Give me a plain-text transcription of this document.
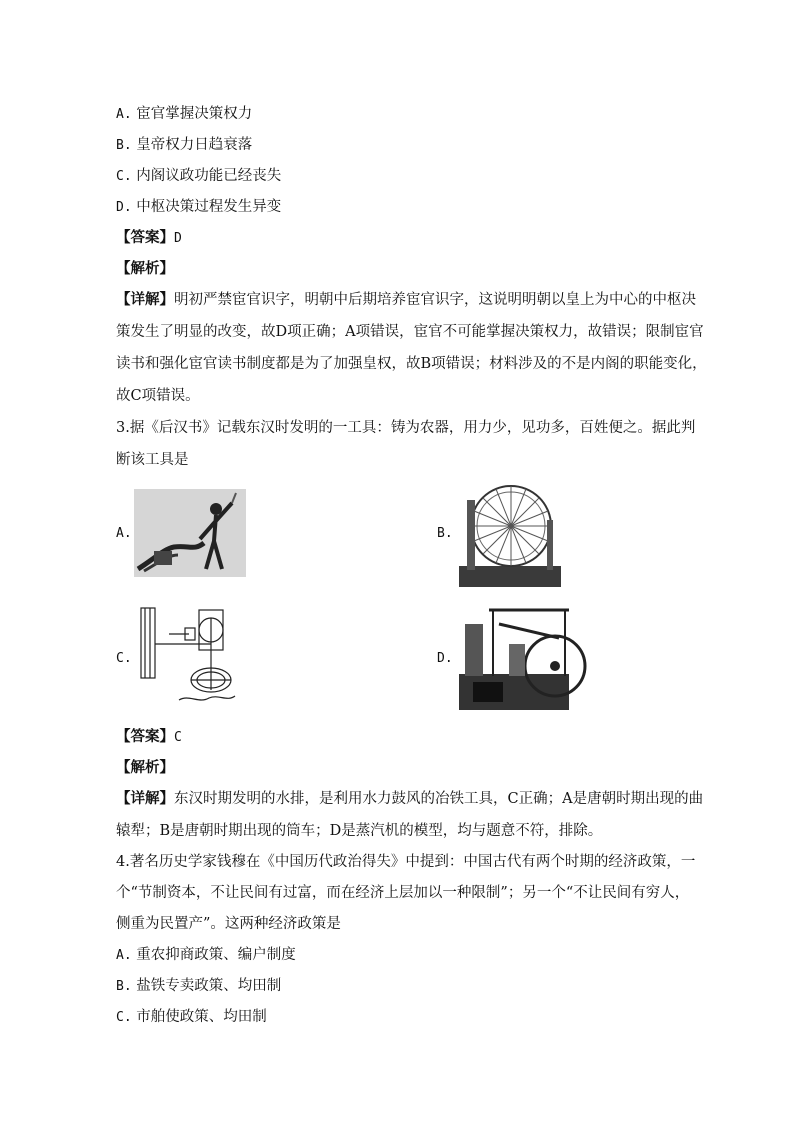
A. 宦官掌握决策权力
B. 皇帝权力日趋衰落
C. 内阁议政功能已经丧失
D. 中枢决策过程发生异变
【答案】D
【解析】
【详解】明初严禁宦官识字，明朝中后期培养宦官识字，这说明明朝以皇上为中心的中枢决
策发生了明显的改变，故D项正确；A项错误，宦官不可能掌握决策权力，故错误；限制宦官
读书和强化宦官读书制度都是为了加强皇权，故B项错误；材料涉及的不是内阁的职能变化，
故C项错误。
3.据《后汉书》记载东汉时发明的一工具：铸为农器，用力少，见功多，百姓便之。据此判
断该工具是
A.	B.
C.	D.
【答案】C
【解析】
【详解】东汉时期发明的水排，是利用水力鼓风的冶铁工具，C正确；A是唐朝时期出现的曲
辕犁；B是唐朝时期出现的筒车；D是蒸汽机的模型，均与题意不符，排除。
4.著名历史学家钱穆在《中国历代政治得失》中提到：中国古代有两个时期的经济政策，一
个“节制资本，不让民间有过富，而在经济上层加以一种限制”；另一个“不让民间有穷人，
侧重为民置产”。这两种经济政策是
A. 重农抑商政策、编户制度
B. 盐铁专卖政策、均田制
C. 市舶使政策、均田制
